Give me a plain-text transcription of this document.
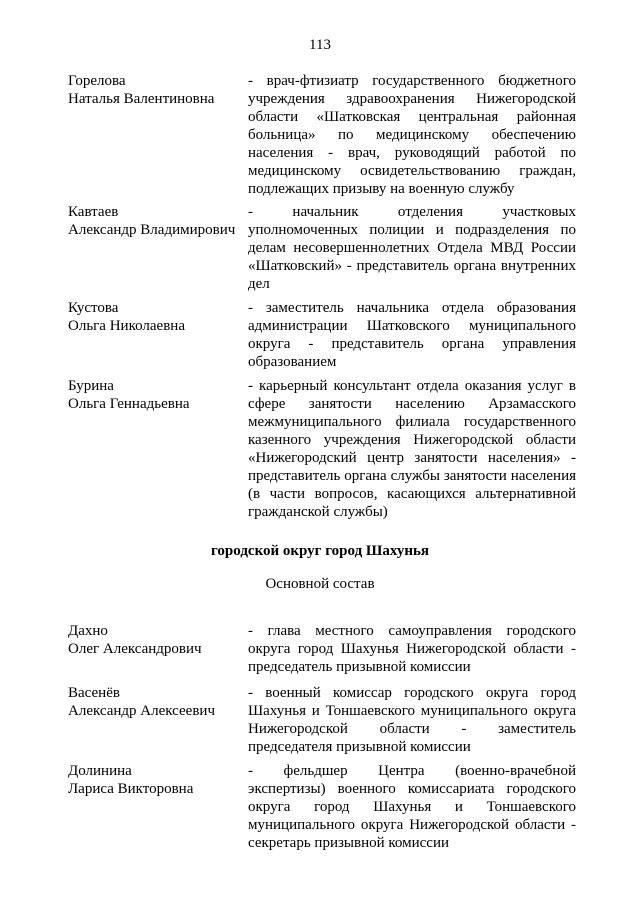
113
Горелова
Наталья Валентиновна
- врач-фтизиатр государственного бюджетного учреждения здравоохранения Нижегородской области «Шатковская центральная районная больница» по медицинскому обеспечению населения - врач, руководящий работой по медицинскому освидетельствованию граждан, подлежащих призыву на военную службу
Кавтаев
Александр Владимирович
- начальник отделения участковых уполномоченных полиции и подразделения по делам несовершеннолетних Отдела МВД России «Шатковский» - представитель органа внутренних дел
Кустова
Ольга Николаевна
- заместитель начальника отдела образования администрации Шатковского муниципального округа - представитель органа управления образованием
Бурина
Ольга Геннадьевна
- карьерный консультант отдела оказания услуг в сфере занятости населению Арзамасского межмуниципального филиала государственного казенного учреждения Нижегородской области «Нижегородский центр занятости населения» - представитель органа службы занятости населения (в части вопросов, касающихся альтернативной гражданской службы)
городской округ город Шахунья
Основной состав
Дахно
Олег Александрович
- глава местного самоуправления городского округа город Шахунья Нижегородской области - председатель призывной комиссии
Васенёв
Александр Алексеевич
- военный комиссар городского округа город Шахунья и Тоншаевского муниципального округа Нижегородской области - заместитель председателя призывной комиссии
Долинина
Лариса Викторовна
- фельдшер Центра (военно-врачебной экспертизы) военного комиссариата городского округа город Шахунья и Тоншаевского муниципального округа Нижегородской области - секретарь призывной комиссии
